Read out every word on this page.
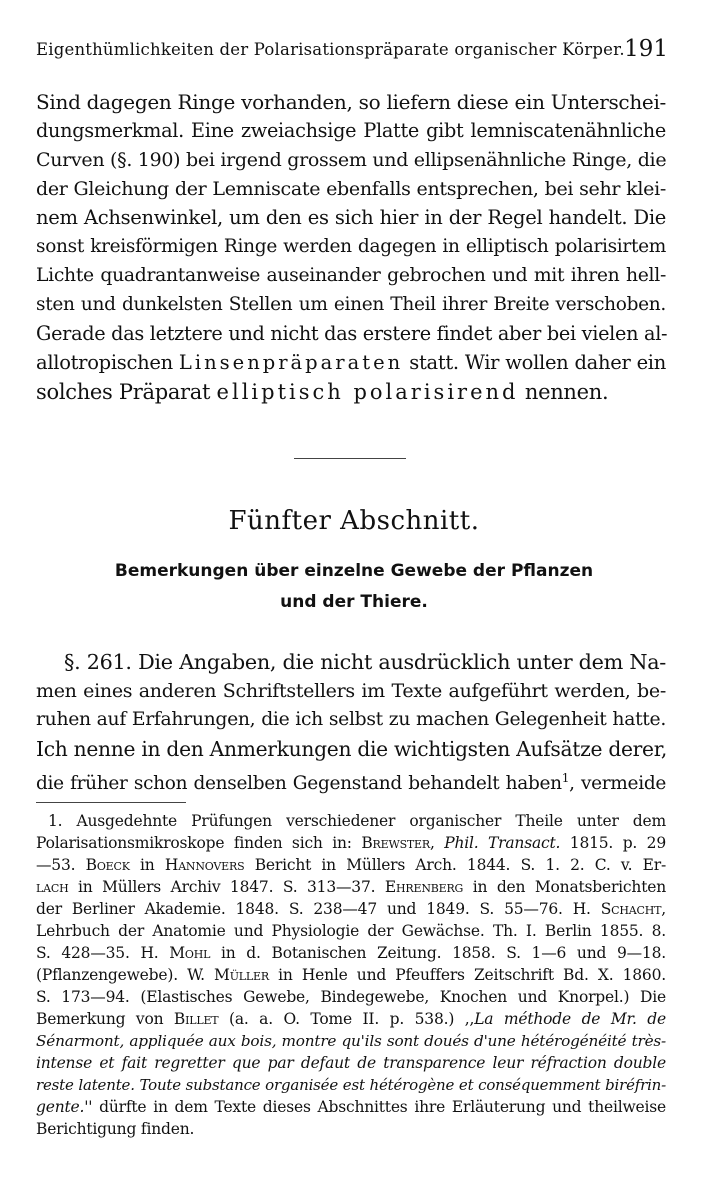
Eigenthümlichkeiten der Polarisationspräparate organischer Körper. 191
Sind dagegen Ringe vorhanden, so liefern diese ein Unterschei-
dungsmerkmal. Eine zweiachsige Platte gibt lemniscatenähnliche
Curven (§. 190) bei irgend grossem und ellipsenähnliche Ringe, die
der Gleichung der Lemniscate ebenfalls entsprechen, bei sehr klei-
nem Achsenwinkel, um den es sich hier in der Regel handelt. Die
sonst kreisförmigen Ringe werden dagegen in elliptisch polarisirtem
Lichte quadrantanweise auseinander gebrochen und mit ihren hell-
sten und dunkelsten Stellen um einen Theil ihrer Breite verschoben.
Gerade das letztere und nicht das erstere findet aber bei vielen al-
allotropischen Linsenpräparaten statt. Wir wollen daher ein
solches Präparat elliptisch polarisirend nennen.
Fünfter Abschnitt.
Bemerkungen über einzelne Gewebe der Pflanzen
und der Thiere.
§. 261. Die Angaben, die nicht ausdrücklich unter dem Na-
men eines anderen Schriftstellers im Texte aufgeführt werden, be-
ruhen auf Erfahrungen, die ich selbst zu machen Gelegenheit hatte.
Ich nenne in den Anmerkungen die wichtigsten Aufsätze derer,
die früher schon denselben Gegenstand behandelt haben$^1$, vermeide
1. Ausgedehnte Prüfungen verschiedener organischer Theile unter dem
Polarisationsmikroskope finden sich in: Brewster, Phil. Transact. 1815. p. 29
—53. Boeck in Hannovers Bericht in Müllers Arch. 1844. S. 1. 2. C. v. Er-
lach in Müllers Archiv 1847. S. 313—37. Ehrenberg in den Monatsberichten
der Berliner Akademie. 1848. S. 238—47 und 1849. S. 55—76. H. Schacht,
Lehrbuch der Anatomie und Physiologie der Gewächse. Th. I. Berlin 1855. 8.
S. 428—35. H. Mohl in d. Botanischen Zeitung. 1858. S. 1—6 und 9—18.
(Pflanzengewebe). W. Müller in Henle und Pfeuffers Zeitschrift Bd. X. 1860.
S. 173—94. (Elastisches Gewebe, Bindegewebe, Knochen und Knorpel.) Die
Bemerkung von Billet (a. a. O. Tome II. p. 538.) ,,La méthode de Mr. de
Sénarmont, appliquée aux bois, montre qu'ils sont doués d'une hétérogénéité très-
intense et fait regretter que par defaut de transparence leur réfraction double
reste latente. Toute substance organisée est hétérogène et conséquemment biréfrin-
gente.'' dürfte in dem Texte dieses Abschnittes ihre Erläuterung und theilweise
Berichtigung finden.
